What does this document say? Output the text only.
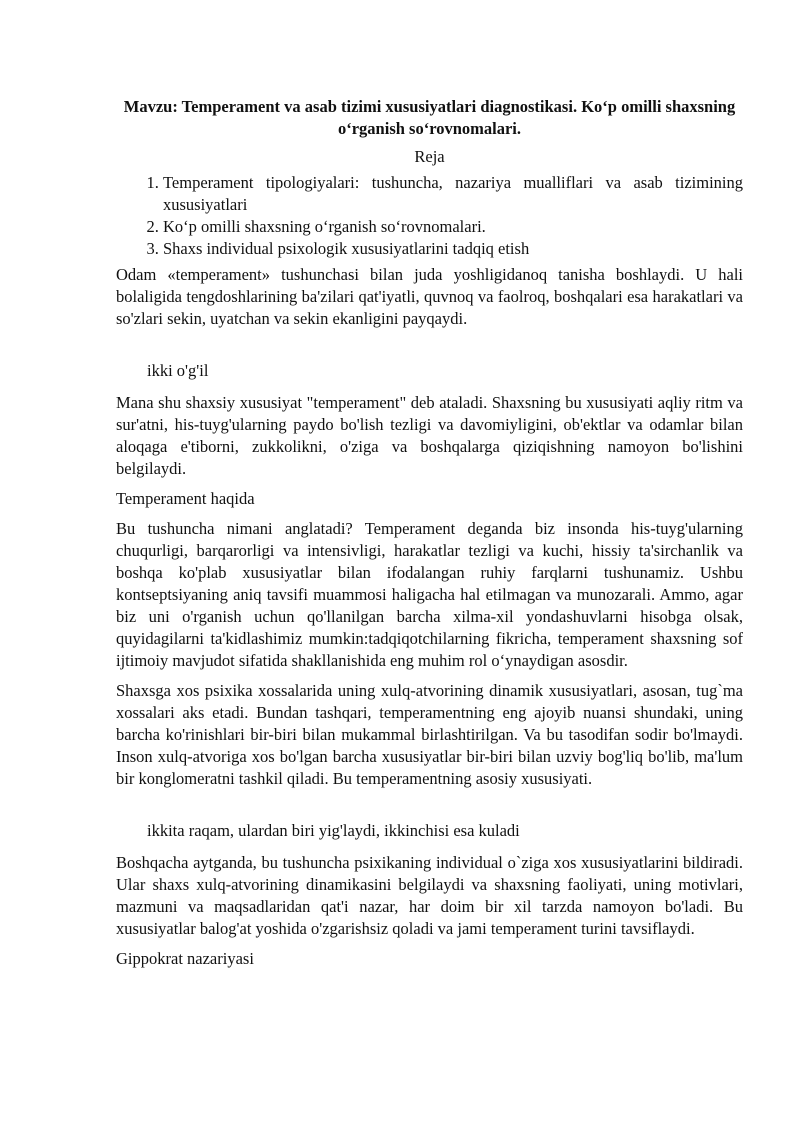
Mavzu: Temperament va asab tizimi xususiyatlari diagnostikasi. Ko‘p omilli shaxsning o‘rganish so‘rovnomalari.

Reja

1. Temperament tipologiyalari: tushuncha, nazariya mualliflari va asab tizimining xususiyatlari
2. Ko‘p omilli shaxsning o‘rganish so‘rovnomalari.
3. Shaxs individual psixologik xususiyatlarini tadqiq etish

Odam «temperament» tushunchasi bilan juda yoshligidanoq tanisha boshlaydi. U hali bolaligida tengdoshlarining ba'zilari qat'iyatli, quvnoq va faolroq, boshqalari esa harakatlari va so'zlari sekin, uyatchan va sekin ekanligini payqaydi.

ikki o'g'il

Mana shu shaxsiy xususiyat "temperament" deb ataladi. Shaxsning bu xususiyati aqliy ritm va sur'atni, his-tuyg'ularning paydo bo'lish tezligi va davomiyligini, ob'ektlar va odamlar bilan aloqaga e'tiborni, zukkolikni, o'ziga va boshqalarga qiziqishning namoyon bo'lishini belgilaydi.

Temperament haqida

Bu tushuncha nimani anglatadi? Temperament deganda biz insonda his-tuyg'ularning chuqurligi, barqarorligi va intensivligi, harakatlar tezligi va kuchi, hissiy ta'sirchanlik va boshqa ko'plab xususiyatlar bilan ifodalangan ruhiy farqlarni tushunamiz. Ushbu kontseptsiyaning aniq tavsifi muammosi haligacha hal etilmagan va munozarali. Ammo, agar biz uni o'rganish uchun qo'llanilgan barcha xilma-xil yondashuvlarni hisobga olsak, quyidagilarni ta'kidlashimiz mumkin:tadqiqotchilarning fikricha, temperament shaxsning sof ijtimoiy mavjudot sifatida shakllanishida eng muhim rol o‘ynaydigan asosdir.

Shaxsga xos psixika xossalarida uning xulq-atvorining dinamik xususiyatlari, asosan, tug`ma xossalari aks etadi. Bundan tashqari, temperamentning eng ajoyib nuansi shundaki, uning barcha ko'rinishlari bir-biri bilan mukammal birlashtirilgan. Va bu tasodifan sodir bo'lmaydi. Inson xulq-atvoriga xos bo'lgan barcha xususiyatlar bir-biri bilan uzviy bog'liq bo'lib, ma'lum bir konglomeratni tashkil qiladi. Bu temperamentning asosiy xususiyati.

ikkita raqam, ulardan biri yig'laydi, ikkinchisi esa kuladi

Boshqacha aytganda, bu tushuncha psixikaning individual o`ziga xos xususiyatlarini bildiradi. Ular shaxs xulq-atvorining dinamikasini belgilaydi va shaxsning faoliyati, uning motivlari, mazmuni va maqsadlaridan qat'i nazar, har doim bir xil tarzda namoyon bo'ladi. Bu xususiyatlar balog'at yoshida o'zgarishsiz qoladi va jami temperament turini tavsiflaydi.

Gippokrat nazariyasi
